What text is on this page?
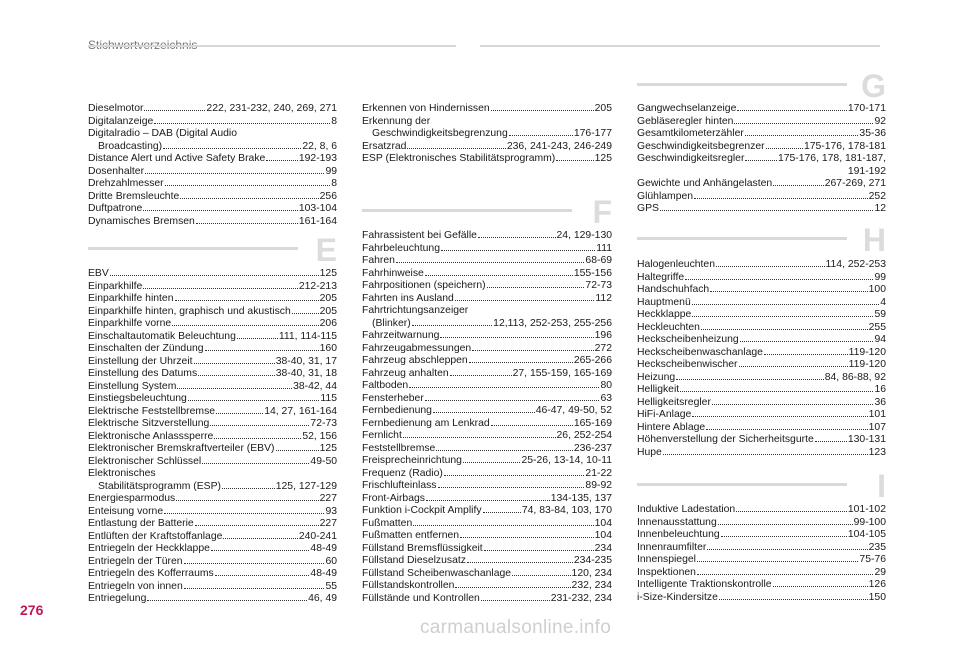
Dieselmotor	222, 231-232, 240, 269, 271
Digitalanzeige	8
Digitalradio – DAB (Digital Audio
Broadcasting)	22, 8, 6
Distance Alert und Active Safety Brake	192-193
Dosenhalter	99
Drehzahlmesser	8
Dritte Bremsleuchte	256
Duftpatrone	103-104
Dynamisches Bremsen	161-164
E
EBV	125
Einparkhilfe	212-213
Einparkhilfe hinten	205
Einparkhilfe hinten, graphisch und akustisch	205
Einparkhilfe vorne	206
Einschaltautomatik Beleuchtung	111, 114-115
Einschalten der Zündung	160
Einstellung der Uhrzeit	38-40, 31, 17
Einstellung des Datums	38-40, 31, 18
Einstellung System	38-42, 44
Einstiegsbeleuchtung	115
Elektrische Feststellbremse	14, 27, 161-164
Elektrische Sitzverstellung	72-73
Elektronische Anlasssperre	52, 156
Elektronischer Bremskraftverteiler (EBV)	125
Elektronischer Schlüssel	49-50
Elektronisches
Stabilitätsprogramm (ESP)	125, 127-129
Energiesparmodus	227
Enteisung vorne	93
Entlastung der Batterie	227
Entlüften der Kraftstoffanlage	240-241
Entriegeln der Heckklappe	48-49
Entriegeln der Türen	60
Entriegeln des Kofferraums	48-49
Entriegeln von innen	55
Entriegelung	46, 49
Erkennen von Hindernissen	205
Erkennung der
Geschwindigkeitsbegrenzung	176-177
Ersatzrad	236, 241-243, 246-249
ESP (Elektronisches Stabilitätsprogramm)	125
F
Fahrassistent bei Gefälle	24, 129-130
Fahrbeleuchtung	111
Fahren	68-69
Fahrhinweise	155-156
Fahrpositionen (speichern)	72-73
Fahrten ins Ausland	112
Fahrtrichtungsanzeiger
(Blinker)	12,113, 252-253, 255-256
Fahrzeitwarnung	196
Fahrzeugabmessungen	272
Fahrzeug abschleppen	265-266
Fahrzeug anhalten	27, 155-159, 165-169
Faltboden	80
Fensterheber	63
Fernbedienung	46-47, 49-50, 52
Fernbedienung am Lenkrad	165-169
Fernlicht	26, 252-254
Feststellbremse	236-237
Freisprecheinrichtung	25-26, 13-14, 10-11
Frequenz (Radio)	21-22
Frischlufteinlass	89-92
Front-Airbags	134-135, 137
Funktion i-Cockpit Amplify	74, 83-84, 103, 170
Fußmatten	104
Fußmatten entfernen	104
Füllstand Bremsflüssigkeit	234
Füllstand Dieselzusatz	234-235
Füllstand Scheibenwaschanlage	120, 234
Füllstandskontrollen	232, 234
Füllstände und Kontrollen	231-232, 234
G
Gangwechselanzeige	170-171
Gebläseregler hinten	92
Gesamtkilometerzähler	35-36
Geschwindigkeitsbegrenzer	175-176, 178-181
Geschwindigkeitsregler	175-176, 178, 181-187,
191-192
Gewichte und Anhängelasten	267-269, 271
Glühlampen	252
GPS	12
H
Halogenleuchten	114, 252-253
Haltegriffe	99
Handschuhfach	100
Hauptmenü	4
Heckklappe	59
Heckleuchten	255
Heckscheibenheizung	94
Heckscheibenwaschanlage	119-120
Heckscheibenwischer	119-120
Heizung	84, 86-88, 92
Helligkeit	16
Helligkeitsregler	36
HiFi-Anlage	101
Hintere Ablage	107
Höhenverstellung der Sicherheitsgurte	130-131
Hupe	123
I
Induktive Ladestation	101-102
Innenausstattung	99-100
Innenbeleuchtung	104-105
Innenraumfilter	235
Innenspiegel	75-76
Inspektionen	29
Intelligente Traktionskontrolle	126
i-Size-Kindersitze	150
276
carmanualsonline.info
